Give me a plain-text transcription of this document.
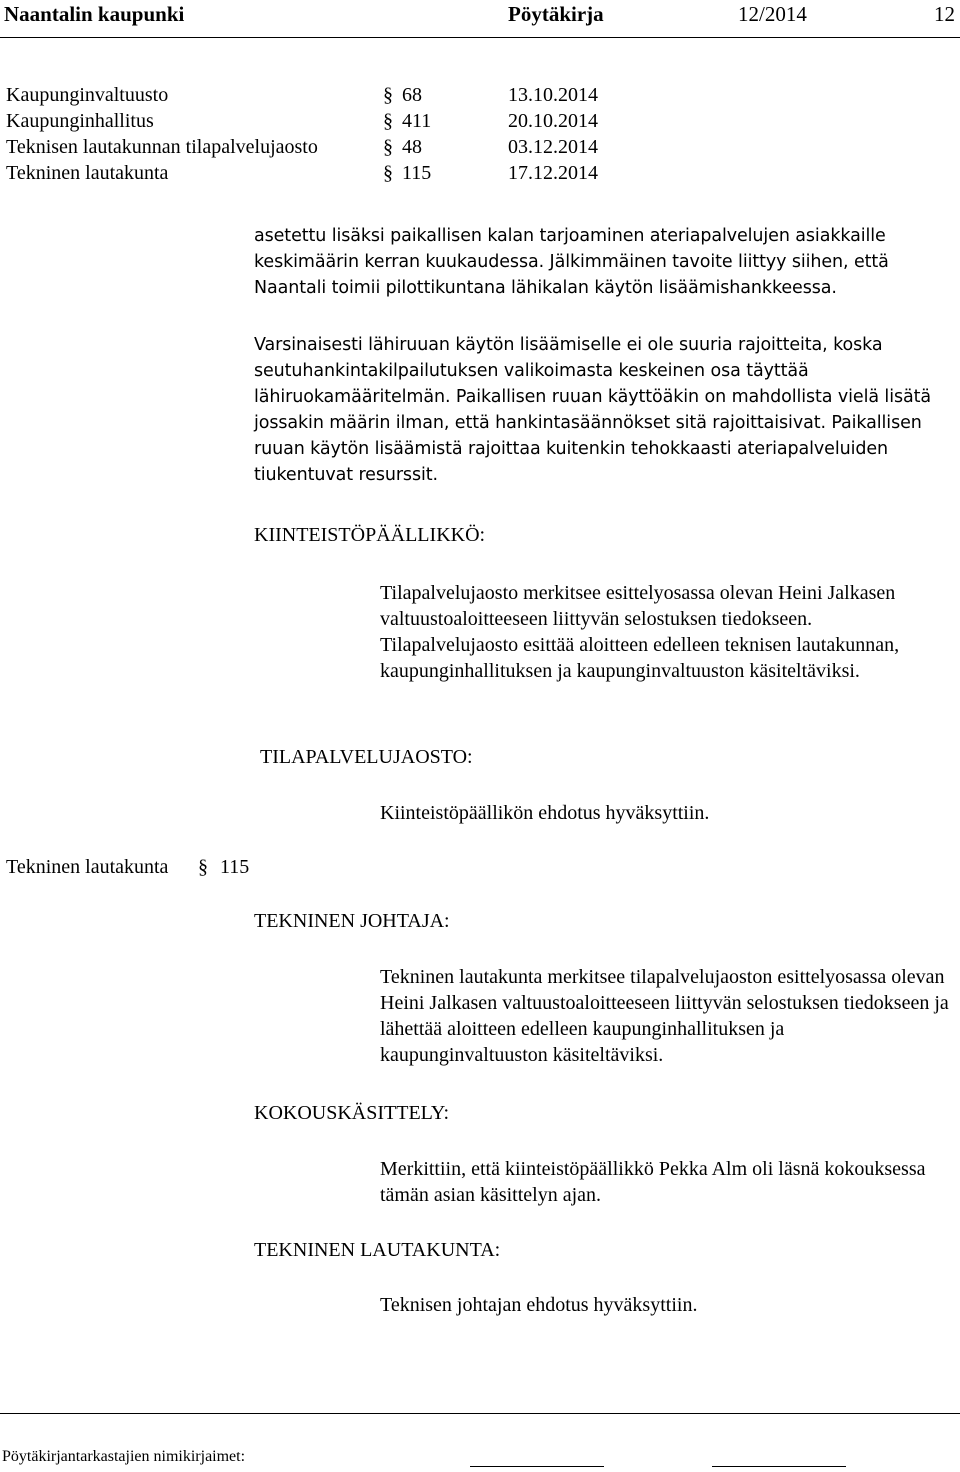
Naantalin kaupunki	Pöytäkirja	12/2014	12
Kaupunginvaltuusto	§ 68	13.10.2014
Kaupunginhallitus	§ 411	20.10.2014
Teknisen lautakunnan tilapalvelujaosto	§ 48	03.12.2014
Tekninen lautakunta	§ 115	17.12.2014

asetettu lisäksi paikallisen kalan tarjoaminen ateriapalvelujen asiakkaille keskimäärin kerran kuukaudessa. Jälkimmäinen tavoite liittyy siihen, että Naantali toimii pilottikuntana lähikalan käytön lisäämishankkeessa.

Varsinaisesti lähiruuan käytön lisäämiselle ei ole suuria rajoitteita, koska seutuhankintakilpailutuksen valikoimasta keskeinen osa täyttää lähiruokamääritelmän. Paikallisen ruuan käyttöäkin on mahdollista vielä lisätä jossakin määrin ilman, että hankintasäännökset sitä rajoittaisivat. Paikallisen ruuan käytön lisäämistä rajoittaa kuitenkin tehokkaasti ateriapalveluiden tiukentuvat resurssit.

KIINTEISTÖPÄÄLLIKKÖ:

Tilapalvelujaosto merkitsee esittelyosassa olevan Heini Jalkasen valtuustoaloitteeseen liittyvän selostuksen tiedokseen. Tilapalvelujaosto esittää aloitteen edelleen teknisen lautakunnan, kaupunginhallituksen ja kaupunginvaltuuston käsiteltäviksi.

TILAPALVELUJAOSTO:
Kiinteistöpäällikön ehdotus hyväksyttiin.
Tekninen lautakunta § 115
TEKNINEN JOHTAJA:

Tekninen lautakunta merkitsee tilapalvelujaoston esittelyosassa olevan Heini Jalkasen valtuustoaloitteeseen liittyvän selostuksen tiedokseen ja lähettää aloitteen edelleen kaupunginhallituksen ja kaupunginvaltuuston käsiteltäviksi.

KOKOUSKÄSITTELY:

Merkittiin, että kiinteistöpäällikkö Pekka Alm oli läsnä kokouksessa tämän asian käsittelyn ajan.

TEKNINEN LAUTAKUNTA:
Teknisen johtajan ehdotus hyväksyttiin.
Pöytäkirjantarkastajien nimikirjaimet:
